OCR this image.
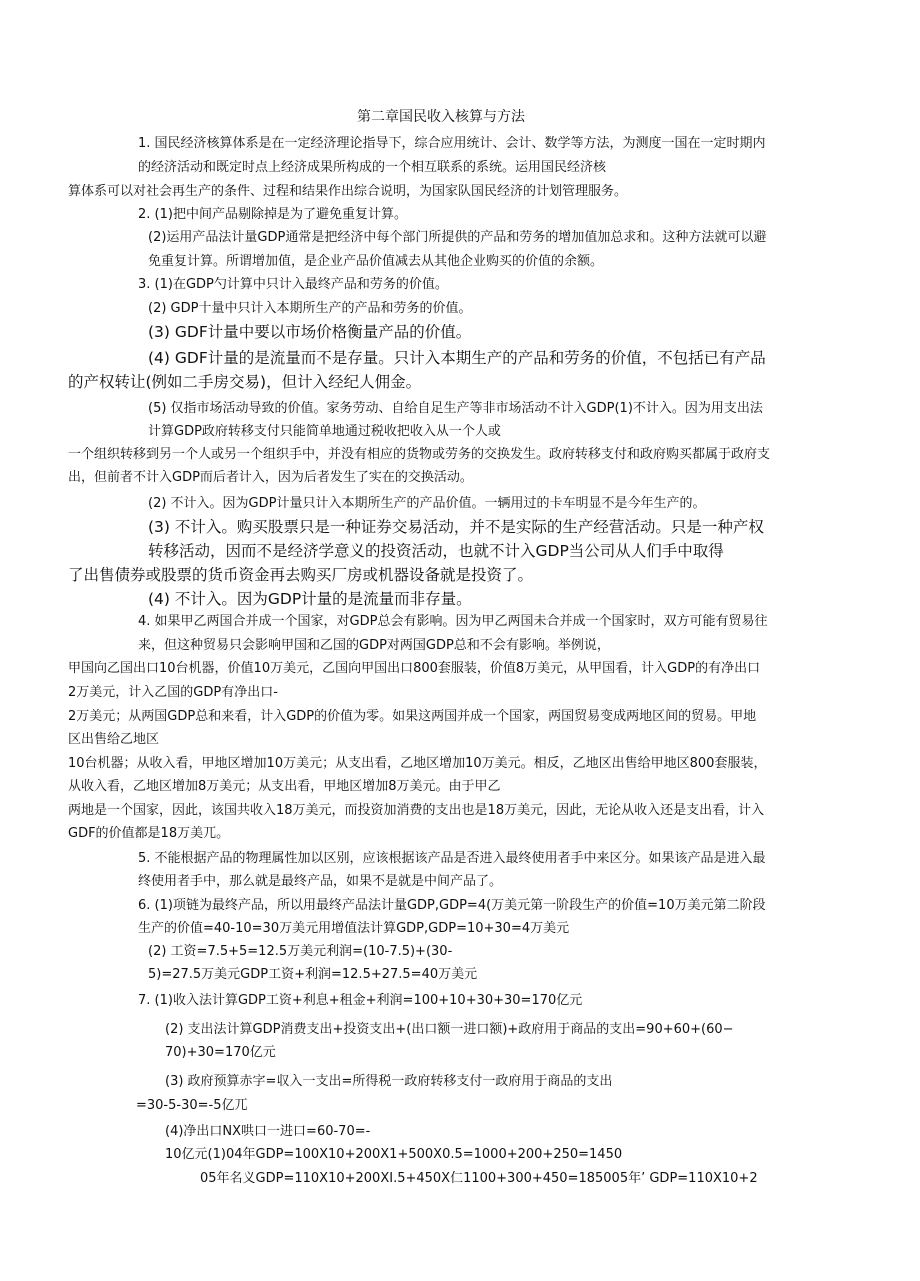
第二章国民收入核算与方法
1. 国民经济核算体系是在一定经济理论指导下，综合应用统计、会计、数学等方法，为测度一国在一定时期内
的经济活动和既定时点上经济成果所构成的一个相互联系的系统。运用国民经济核
算体系可以对社会再生产的条件、过程和结果作出综合说明，为国家队国民经济的计划管理服务。
2. (1)把中间产品剔除掉是为了避免重复计算。
(2)运用产品法计量GDP通常是把经济中每个部门所提供的产品和劳务的增加值加总求和。这种方法就可以避
免重复计算。所谓增加值，是企业产品价值减去从其他企业购买的价值的余额。
3. (1)在GDP勺计算中只计入最终产品和劳务的价值。
(2) GDP十量中只计入本期所生产的产品和劳务的价值。
(3) GDF计量中要以市场价格衡量产品的价值。
(4) GDF计量的是流量而不是存量。只计入本期生产的产品和劳务的价值，不包括已有产品
的产权转让(例如二手房交易)，但计入经纪人佣金。
(5) 仅指市场活动导致的价值。家务劳动、自给自足生产等非市场活动不计入GDP(1)不计入。因为用支出法
计算GDP政府转移支付只能简单地通过税收把收入从一个人或
一个组织转移到另一个人或另一个组织手中，并没有相应的货物或劳务的交换发生。政府转移支付和政府购买都属于政府支
出，但前者不计入GDP而后者计入，因为后者发生了实在的交换活动。
(2) 不计入。因为GDP计量只计入本期所生产的产品价值。一辆用过的卡车明显不是今年生产的。
(3) 不计入。购买股票只是一种证券交易活动，并不是实际的生产经营活动。只是一种产权
转移活动，因而不是经济学意义的投资活动，也就不计入GDP当公司从人们手中取得
了出售债券或股票的货币资金再去购买厂房或机器设备就是投资了。
(4) 不计入。因为GDP计量的是流量而非存量。
4. 如果甲乙两国合并成一个国家，对GDP总会有影响。因为甲乙两国未合并成一个国家时，双方可能有贸易往
来，但这种贸易只会影响甲国和乙国的GDP对两国GDP总和不会有影响。举例说，
甲国向乙国出口10台机器，价值10万美元，乙国向甲国出口800套服装，价值8万美元，从甲国看，计入GDP的有净出口
2万美元，计入乙国的GDP有净出口-
2万美元；从两国GDP总和来看，计入GDP的价值为零。如果这两国并成一个国家，两国贸易变成两地区间的贸易。甲地
区出售给乙地区
10台机器；从收入看，甲地区增加10万美元；从支出看，乙地区增加10万美元。相反，乙地区出售给甲地区800套服装，
从收入看，乙地区增加8万美元；从支出看，甲地区增加8万美元。由于甲乙
两地是一个国家，因此，该国共收入18万美元，而投资加消费的支出也是18万美元，因此，无论从收入还是支出看，计入
GDF的价值都是18万美兀。
5. 不能根据产品的物理属性加以区别，应该根据该产品是否进入最终使用者手中来区分。如果该产品是进入最
终使用者手中，那么就是最终产品，如果不是就是中间产品了。
6. (1)项链为最终产品，所以用最终产品法计量GDP,GDP=4(万美元第一阶段生产的价值=10万美元第二阶段
生产的价值=40-10=30万美元用增值法计算GDP,GDP=10+30=4万美元
(2) 工资=7.5+5=12.5万美元利润=(10-7.5)+(30-
5)=27.5万美元GDP工资+利润=12.5+27.5=40万美元
7. (1)收入法计算GDP工资+利息+租金+利润=100+10+30+30=170亿元
(2) 支出法计算GDP消费支出+投资支出+(出口额一进口额)+政府用于商品的支出=90+60+(60−
70)+30=170亿元
(3) 政府预算赤字=収入一支出=所得税一政府转移支付一政府用于商品的支出
=30-5-30=-5亿兀
(4)净出口NX哄口一进口=60-70=-
10亿元(1)04年GDP=100X10+200X1+500X0.5=1000+200+250=1450
05年名义GDP=110X10+200XI.5+450X仁1100+300+450=185005年’ GDP=110X10+2
